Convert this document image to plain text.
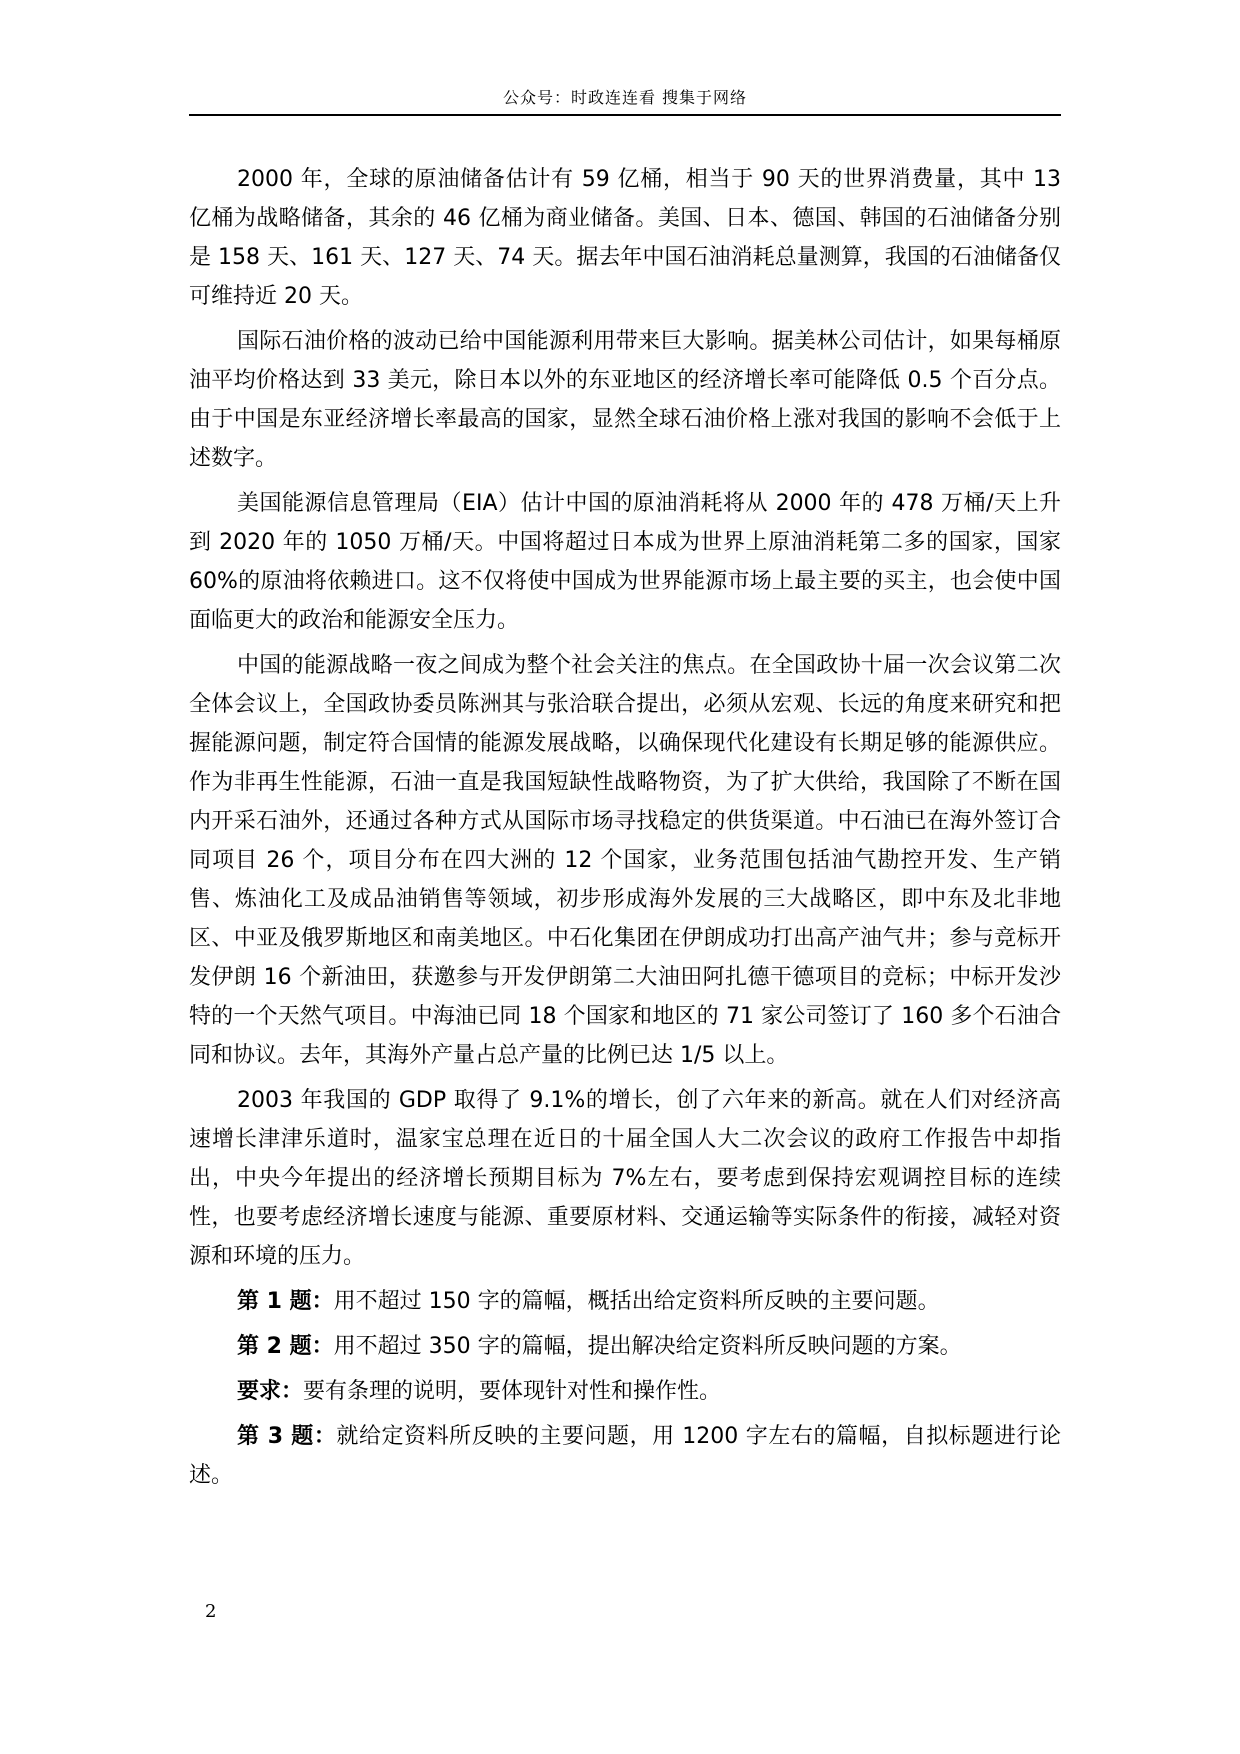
公众号：时政连连看 搜集于网络

2000 年，全球的原油储备估计有 59 亿桶，相当于 90 天的世界消费量，其中 13 亿桶为战略储备，其余的 46 亿桶为商业储备。美国、日本、德国、韩国的石油储备分别是 158 天、161 天、127 天、74 天。据去年中国石油消耗总量测算，我国的石油储备仅可维持近 20 天。

国际石油价格的波动已给中国能源利用带来巨大影响。据美林公司估计，如果每桶原油平均价格达到 33 美元，除日本以外的东亚地区的经济增长率可能降低 0.5 个百分点。由于中国是东亚经济增长率最高的国家，显然全球石油价格上涨对我国的影响不会低于上述数字。

美国能源信息管理局（EIA）估计中国的原油消耗将从 2000 年的 478 万桶/天上升到 2020 年的 1050 万桶/天。中国将超过日本成为世界上原油消耗第二多的国家，国家 60%的原油将依赖进口。这不仅将使中国成为世界能源市场上最主要的买主，也会使中国面临更大的政治和能源安全压力。

中国的能源战略一夜之间成为整个社会关注的焦点。在全国政协十届一次会议第二次全体会议上，全国政协委员陈洲其与张洽联合提出，必须从宏观、长远的角度来研究和把握能源问题，制定符合国情的能源发展战略，以确保现代化建设有长期足够的能源供应。作为非再生性能源，石油一直是我国短缺性战略物资，为了扩大供给，我国除了不断在国内开采石油外，还通过各种方式从国际市场寻找稳定的供货渠道。中石油已在海外签订合同项目 26 个，项目分布在四大洲的 12 个国家，业务范围包括油气勘控开发、生产销售、炼油化工及成品油销售等领域，初步形成海外发展的三大战略区，即中东及北非地区、中亚及俄罗斯地区和南美地区。中石化集团在伊朗成功打出高产油气井；参与竞标开发伊朗 16 个新油田，获邀参与开发伊朗第二大油田阿扎德干德项目的竞标；中标开发沙特的一个天然气项目。中海油已同 18 个国家和地区的 71 家公司签订了 160 多个石油合同和协议。去年，其海外产量占总产量的比例已达 1/5 以上。

2003 年我国的 GDP 取得了 9.1%的增长，创了六年来的新高。就在人们对经济高速增长津津乐道时，温家宝总理在近日的十届全国人大二次会议的政府工作报告中却指出，中央今年提出的经济增长预期目标为 7%左右，要考虑到保持宏观调控目标的连续性，也要考虑经济增长速度与能源、重要原材料、交通运输等实际条件的衔接，减轻对资源和环境的压力。

第 1 题：用不超过 150 字的篇幅，概括出给定资料所反映的主要问题。

第 2 题：用不超过 350 字的篇幅，提出解决给定资料所反映问题的方案。

要求：要有条理的说明，要体现针对性和操作性。

第 3 题：就给定资料所反映的主要问题，用 1200 字左右的篇幅，自拟标题进行论述。

2
